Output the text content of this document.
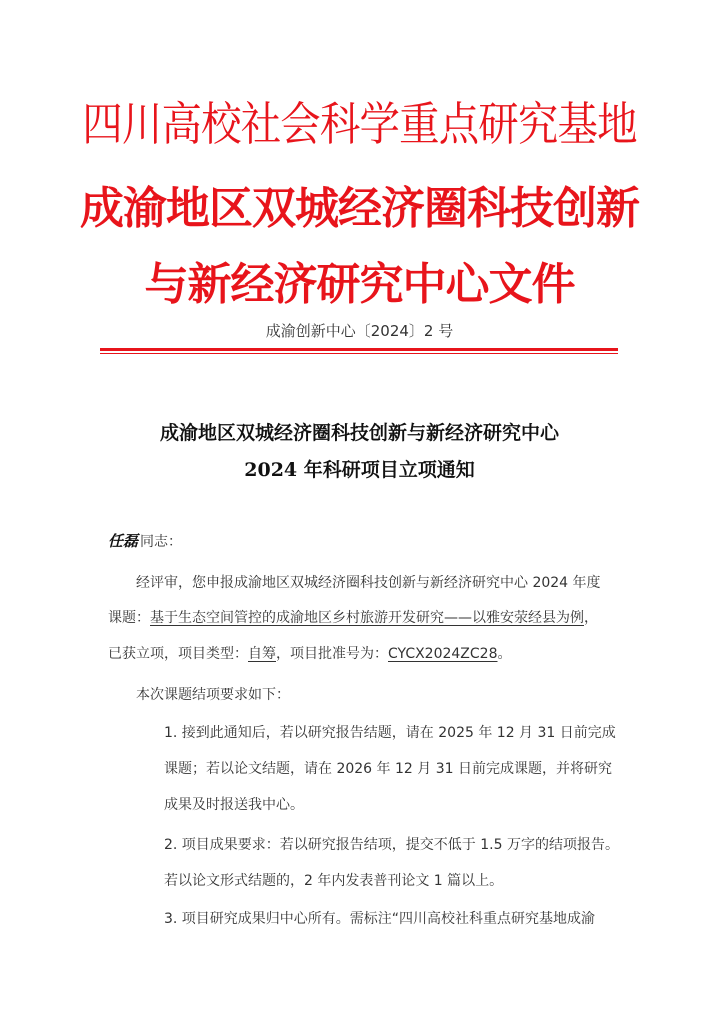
四川高校社会科学重点研究基地
成渝地区双城经济圈科技创新
与新经济研究中心文件
成渝创新中心〔2024〕2 号
成渝地区双城经济圈科技创新与新经济研究中心
2024 年科研项目立项通知
任磊 同志：
经评审，您申报成渝地区双城经济圈科技创新与新经济研究中心 2024 年度
课题：基于生态空间管控的成渝地区乡村旅游开发研究——以雅安荥经县为例，
已获立项，项目类型：自筹，项目批准号为：CYCX2024ZC28。
本次课题结项要求如下：
1. 接到此通知后，若以研究报告结题，请在 2025 年 12 月 31 日前完成
课题；若以论文结题，请在 2026 年 12 月 31 日前完成课题，并将研究
成果及时报送我中心。
2. 项目成果要求：若以研究报告结项，提交不低于 1.5 万字的结项报告。
若以论文形式结题的，2 年内发表普刊论文 1 篇以上。
3. 项目研究成果归中心所有。需标注“四川高校社科重点研究基地成渝
